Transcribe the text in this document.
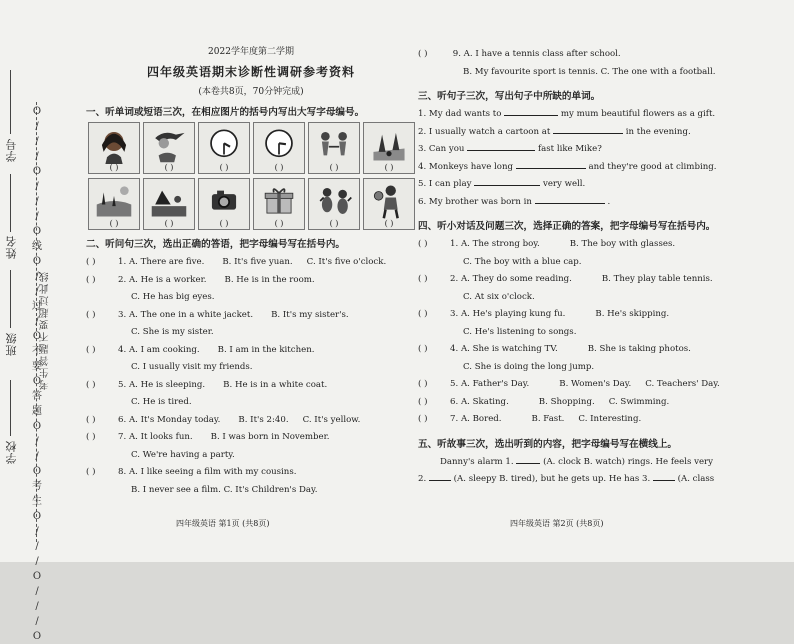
O
/
/
/
O
/
/
/
O
线
O
/
/
过
/
O
不
要
O
答
题
O
/
/
O
考
生
O
/
/
/
O
/
/
/
O
学校
班级
姓名
学号
考生答题不要超过此线
2022学年度第二学期
四年级英语期末诊断性调研参考资料
(本卷共8页，70分钟完成)
一、听单词或短语三次，在相应图片的括号内写出大写字母编号。
( )	( )	( )	( )	( )	( )
( )	( )	( )	( )	( )	( )
二、听问句三次，选出正确的答语，把字母编号写在括号内。
( )	1. A. There are five. B. It's five yuan. C. It's five o'clock.
( )	2. A. He is a worker. B. He is in the room.
C. He has big eyes.
( )	3. A. The one in a white jacket. B. It's my sister's.
C. She is my sister.
( )	4. A. I am cooking. B. I am in the kitchen.
C. I usually visit my friends.
( )	5. A. He is sleeping. B. He is in a white coat.
C. He is tired.
( )	6. A. It's Monday today. B. It's 2:40. C. It's yellow.
( )	7. A. It looks fun. B. I was born in November.
C. We're having a party.
( )	8. A. I like seeing a film with my cousins.
B. I never see a film. C. It's Children's Day.
( )	9. A. I have a tennis class after school.
B. My favourite sport is tennis. C. The one with a football.
三、听句子三次，写出句子中所缺的单词。
1. My dad wants to	my mum beautiful flowers as a gift.
2. I usually watch a cartoon at	in the evening.
3. Can you	fast like Mike?
4. Monkeys have long	and they're good at climbing.
5. I can play	very well.
6. My brother was born in	.
四、听小对话及问题三次，选择正确的答案，把字母编号写在括号内。
( )	1. A. The strong boy.	B. The boy with glasses.
C. The boy with a blue cap.
( )	2. A. They do some reading.	B. They play table tennis.
C. At six o'clock.
( )	3. A. He's playing kung fu.	B. He's skipping.
C. He's listening to songs.
( )	4. A. She is watching TV.	B. She is taking photos.
C. She is doing the long jump.
( )	5. A. Father's Day.	B. Women's Day. C. Teachers' Day.
( )	6. A. Skating.	B. Shopping. C. Swimming.
( )	7. A. Bored.	B. Fast. C. Interesting.
五、听故事三次，选出听到的内容，把字母编号写在横线上。
Danny's alarm 1.	(A. clock B. watch) rings. He feels very
2.	(A. sleepy B. tired), but he gets up. He has 3.	(A. class
四年级英语 第1页 (共8页)	四年级英语 第2页 (共8页)
